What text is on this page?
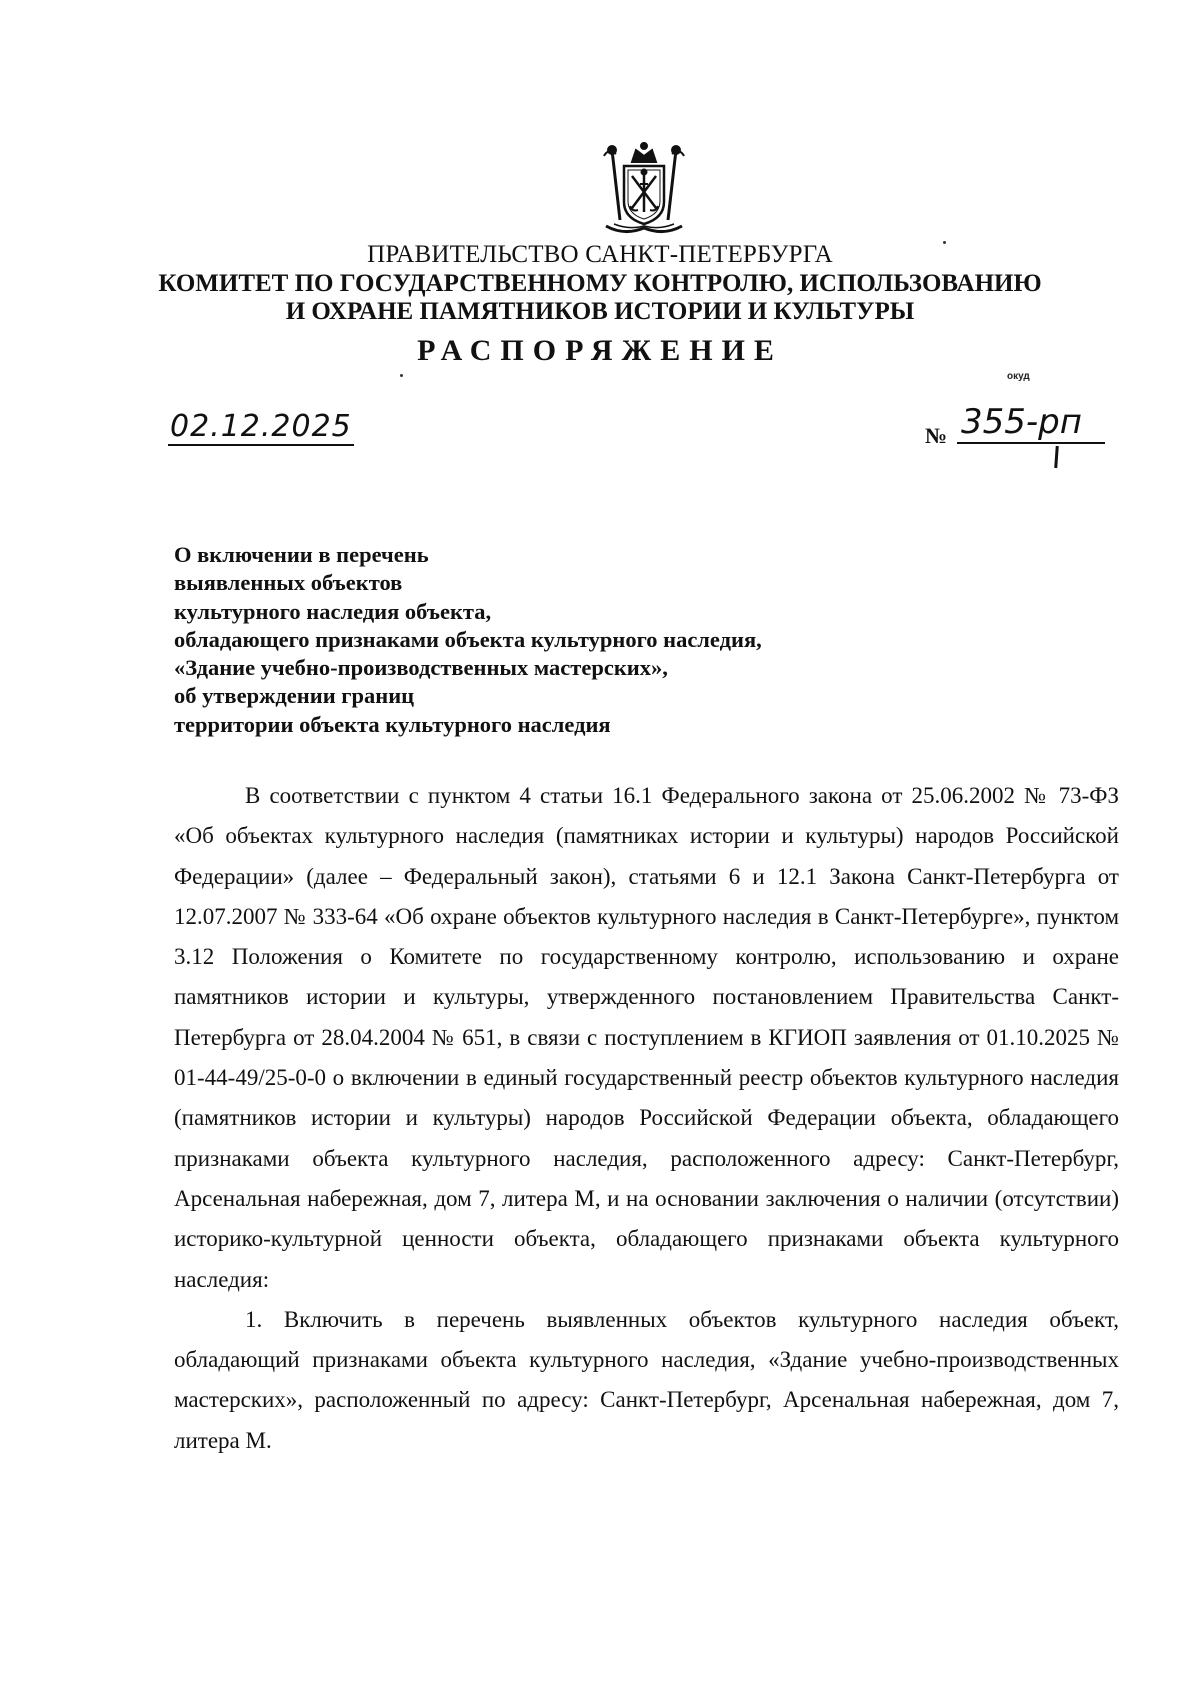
ПРАВИТЕЛЬСТВО САНКТ-ПЕТЕРБУРГА
КОМИТЕТ ПО ГОСУДАРСТВЕННОМУ КОНТРОЛЮ, ИСПОЛЬЗОВАНИЮ
И ОХРАНЕ ПАМЯТНИКОВ ИСТОРИИ И КУЛЬТУРЫ
РАСПОРЯЖЕНИЕ
окуд
02.12.2025	№ 355-рп
О включении в перечень
выявленных объектов
культурного наследия объекта,
обладающего признаками объекта культурного наследия,
«Здание учебно-производственных мастерских»,
об утверждении границ
территории объекта культурного наследия

В соответствии с пунктом 4 статьи 16.1 Федерального закона от 25.06.2002 № 73-ФЗ «Об объектах культурного наследия (памятниках истории и культуры) народов Российской Федерации» (далее – Федеральный закон), статьями 6 и 12.1 Закона Санкт-Петербурга от 12.07.2007 № 333-64 «Об охране объектов культурного наследия в Санкт-Петербурге», пунктом 3.12 Положения о Комитете по государственному контролю, использованию и охране памятников истории и культуры, утвержденного постановлением Правительства Санкт-Петербурга от 28.04.2004 № 651, в связи с поступлением в КГИОП заявления от 01.10.2025 № 01-44-49/25-0-0 о включении в единый государственный реестр объектов культурного наследия (памятников истории и культуры) народов Российской Федерации объекта, обладающего признаками объекта культурного наследия, расположенного адресу: Санкт-Петербург, Арсенальная набережная, дом 7, литера М, и на основании заключения о наличии (отсутствии) историко-культурной ценности объекта, обладающего признаками объекта культурного наследия:

1. Включить в перечень выявленных объектов культурного наследия объект, обладающий признаками объекта культурного наследия, «Здание учебно-производственных мастерских», расположенный по адресу: Санкт-Петербург, Арсенальная набережная, дом 7, литера М.
